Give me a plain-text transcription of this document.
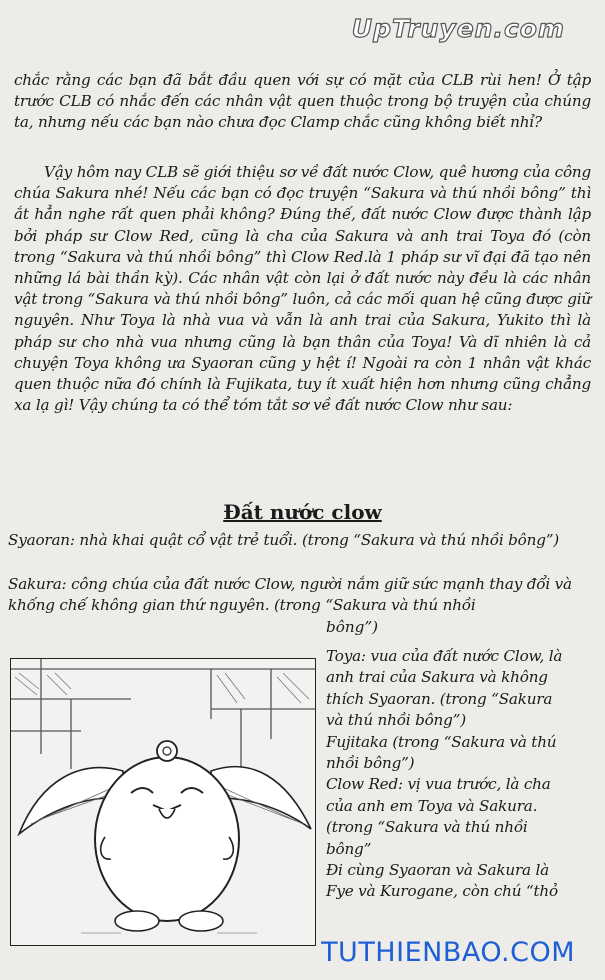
UpTruyen.com

chắc rằng các bạn đã bắt đầu quen với sự có mặt của CLB rùi hen! Ở tập trước CLB có nhắc đến các nhân vật quen thuộc trong bộ truyện của chúng ta, nhưng nếu các bạn nào chưa đọc Clamp chắc cũng không biết nhỉ?

Vậy hôm nay CLB sẽ giới thiệu sơ về đất nước Clow, quê hương của công chúa Sakura nhé! Nếu các bạn có đọc truyện “Sakura và thú nhồi bông” thì ắt hẳn nghe rất quen phải không? Đúng thế, đất nước Clow được thành lập bởi pháp sư Clow Red, cũng là cha của Sakura và anh trai Toya đó (còn trong “Sakura và thú nhồi bông” thì Clow Red.là 1 pháp sư vĩ đại đã tạo nên những lá bài thần kỳ). Các nhân vật còn lại ở đất nước này đều là các nhân vật trong “Sakura và thú nhồi bông” luôn, cả các mối quan hệ cũng được giữ nguyên. Như Toya là nhà vua và vẫn là anh trai của Sakura, Yukito thì là pháp sư cho nhà vua nhưng cũng là bạn thân của Toya! Và dĩ nhiên là cả chuyện Toya không ưa Syaoran cũng y hệt í! Ngoài ra còn 1 nhân vật khác quen thuộc nữa đó chính là Fujikata, tuy ít xuất hiện hơn nhưng cũng chẳng xa lạ gì! Vậy chúng ta có thể tóm tắt sơ về đất nước Clow như sau:

Đất nước clow
Syaoran: nhà khai quật cổ vật trẻ tuổi. (trong “Sakura và thú nhồi bông”)
Sakura: công chúa của đất nước Clow, người nắm giữ sức mạnh thay đổi và khống chế không gian thứ nguyên. (trong “Sakura và thú nhồi
bông”)

Toya: vua của đất nước Clow, là anh trai của Sakura và không thích Syaoran. (trong “Sakura và thú nhồi bông”)

Fujitaka (trong “Sakura và thú nhồi bông”)

Clow Red: vị vua trước, là cha của anh em Toya và Sakura. (trong “Sakura và thú nhồi bông”

Đi cùng Syaoran và Sakura là Fye và Kurogane, còn chú “thỏ

TUTHIENBAO.COM
